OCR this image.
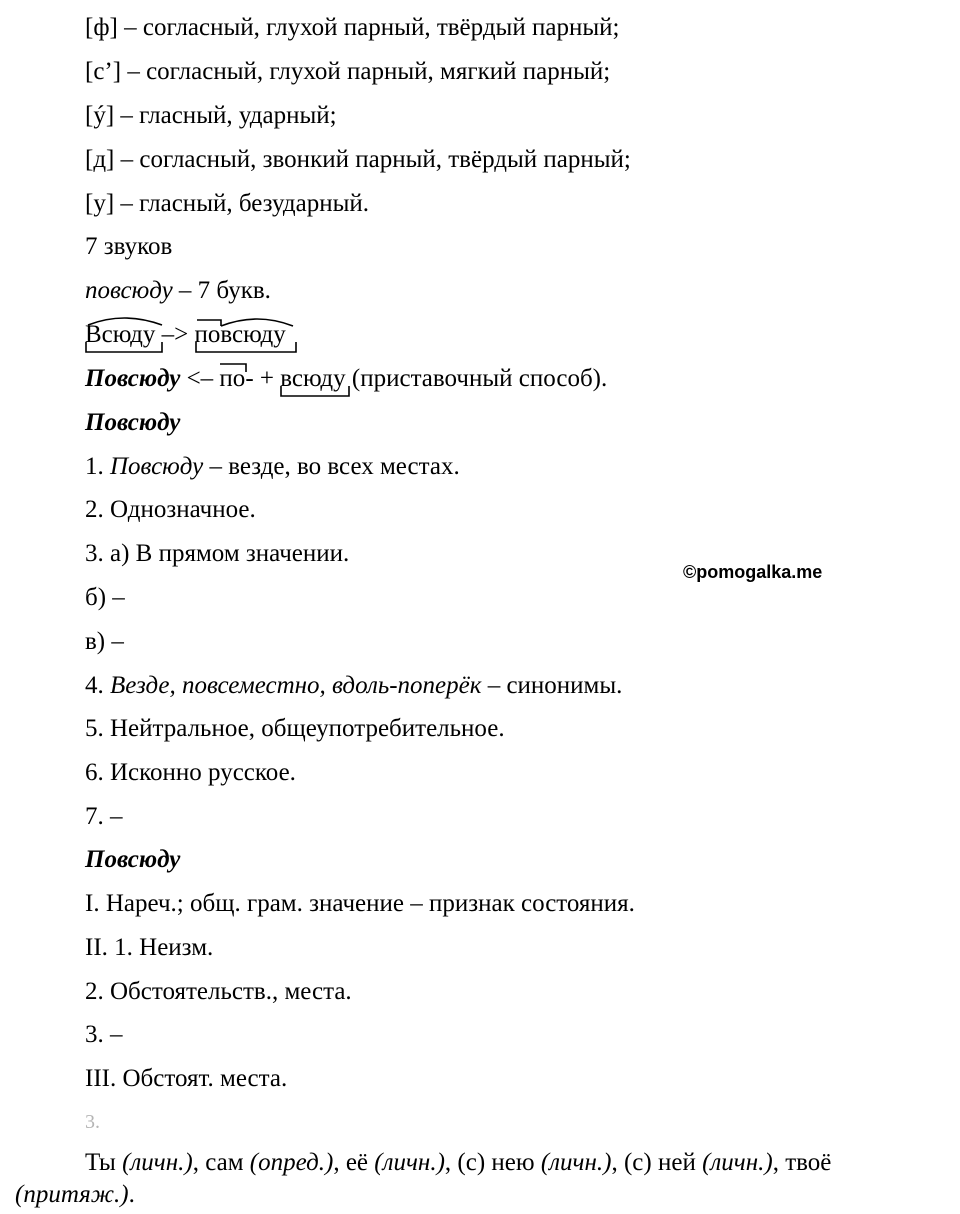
[ф] – согласный, глухой парный, твёрдый парный;
[с’] – согласный, глухой парный, мягкий парный;
[ý] – гласный, ударный;
[д] – согласный, звонкий парный, твёрдый парный;
[у] – гласный, безударный.
7 звуков
повсюду – 7 букв.
Всюду
–> повсюду
Повсюду <– по
- + всюду
(приставочный способ).
Повсюду
1. Повсюду – везде, во всех местах.
2. Однозначное.
3. а) В прямом значении.
б) –
в) –
4. Везде, повсеместно, вдоль-поперёк – синонимы.
5. Нейтральное, общеупотребительное.
6. Исконно русское.
7. –
Повсюду
I. Нареч.; общ. грам. значение – признак состояния.
II. 1. Неизм.
2. Обстоятельств., места.
3. –
III. Обстоят. места.
©pomogalka.me
3.
Ты (личн.), сам (опред.), её (личн.), (с) нею (личн.), (с) ней (личн.), твоё
(притяж.).
